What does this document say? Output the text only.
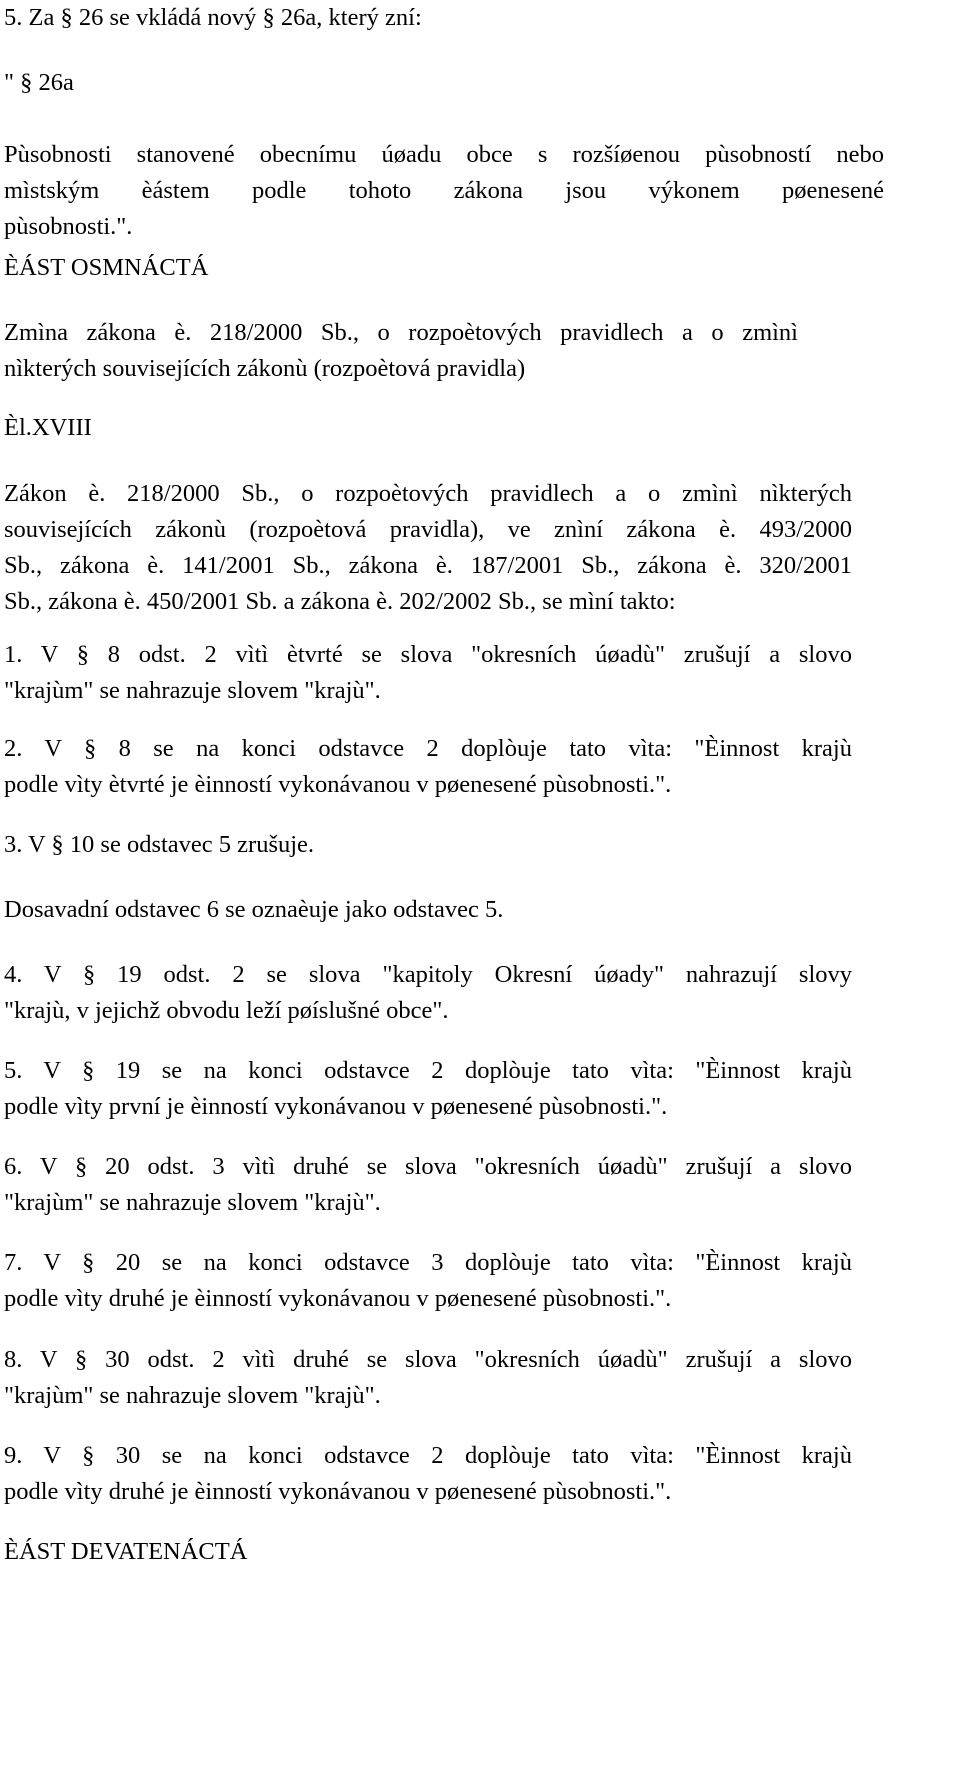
5. Za § 26 se vkládá nový § 26a, který zní:

" § 26a

Pùsobnosti stanovené obecnímu úøadu obce s rozšíøenou pùsobností nebo
mìstským èástem podle tohoto zákona jsou výkonem pøenesené
pùsobnosti.".

ÈÁST OSMNÁCTÁ

Zmìna zákona è. 218/2000 Sb., o rozpoètových pravidlech a o zmìnì
nìkterých souvisejících zákonù (rozpoètová pravidla)

Èl.XVIII

Zákon è. 218/2000 Sb., o rozpoètových pravidlech a o zmìnì nìkterých
souvisejících zákonù (rozpoètová pravidla), ve znìní zákona è. 493/2000
Sb., zákona è. 141/2001 Sb., zákona è. 187/2001 Sb., zákona è. 320/2001
Sb., zákona è. 450/2001 Sb. a zákona è. 202/2002 Sb., se mìní takto:

1. V § 8 odst. 2 vìtì ètvrté se slova "okresních úøadù" zrušují a slovo
"krajùm" se nahrazuje slovem "krajù".

2. V § 8 se na konci odstavce 2 doplòuje tato vìta: "Èinnost krajù
podle vìty ètvrté je èinností vykonávanou v pøenesené pùsobnosti.".

3. V § 10 se odstavec 5 zrušuje.

Dosavadní odstavec 6 se oznaèuje jako odstavec 5.

4. V § 19 odst. 2 se slova "kapitoly Okresní úøady" nahrazují slovy
"krajù, v jejichž obvodu leží pøíslušné obce".

5. V § 19 se na konci odstavce 2 doplòuje tato vìta: "Èinnost krajù
podle vìty první je èinností vykonávanou v pøenesené pùsobnosti.".

6. V § 20 odst. 3 vìtì druhé se slova "okresních úøadù" zrušují a slovo
"krajùm" se nahrazuje slovem "krajù".

7. V § 20 se na konci odstavce 3 doplòuje tato vìta: "Èinnost krajù
podle vìty druhé je èinností vykonávanou v pøenesené pùsobnosti.".

8. V § 30 odst. 2 vìtì druhé se slova "okresních úøadù" zrušují a slovo
"krajùm" se nahrazuje slovem "krajù".

9. V § 30 se na konci odstavce 2 doplòuje tato vìta: "Èinnost krajù
podle vìty druhé je èinností vykonávanou v pøenesené pùsobnosti.".

ÈÁST DEVATENÁCTÁ
